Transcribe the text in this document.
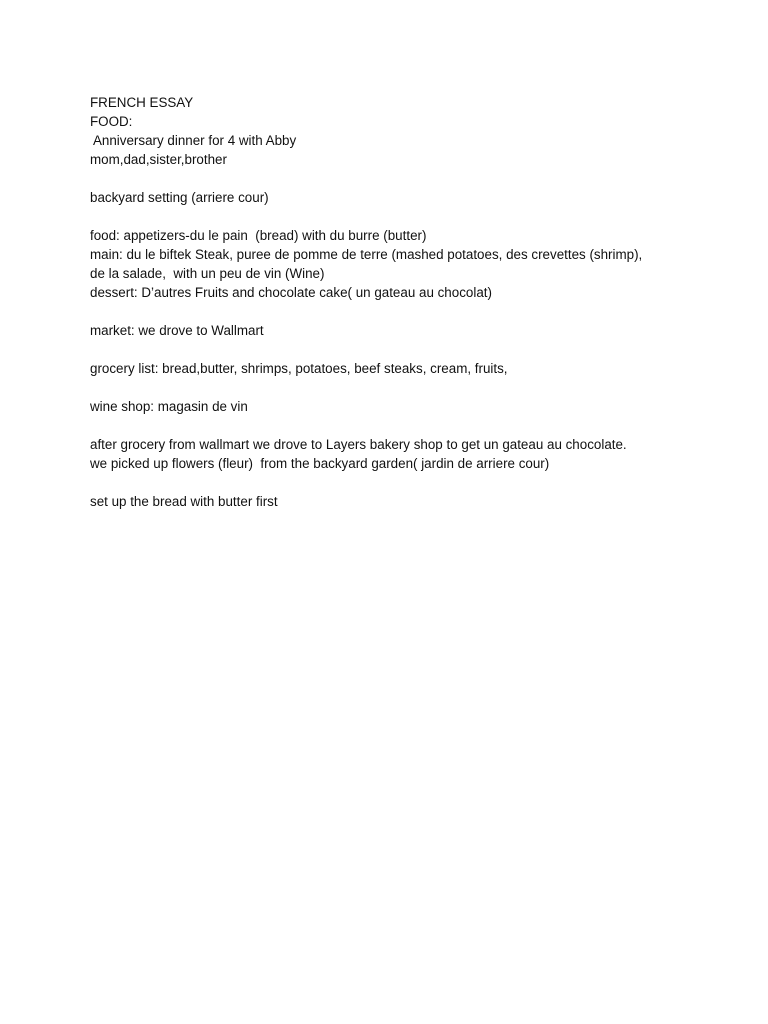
FRENCH ESSAY
FOOD:
Anniversary dinner for 4 with Abby
mom,dad,sister,brother
backyard setting (arriere cour)
food: appetizers-du le pain  (bread) with du burre (butter)
main: du le biftek Steak, puree de pomme de terre (mashed potatoes, des crevettes (shrimp),
de la salade,  with un peu de vin (Wine)
dessert: D’autres Fruits and chocolate cake( un gateau au chocolat)
market: we drove to Wallmart
grocery list: bread,butter, shrimps, potatoes, beef steaks, cream, fruits,
wine shop: magasin de vin
after grocery from wallmart we drove to Layers bakery shop to get un gateau au chocolate.
we picked up flowers (fleur)  from the backyard garden( jardin de arriere cour)
set up the bread with butter first
